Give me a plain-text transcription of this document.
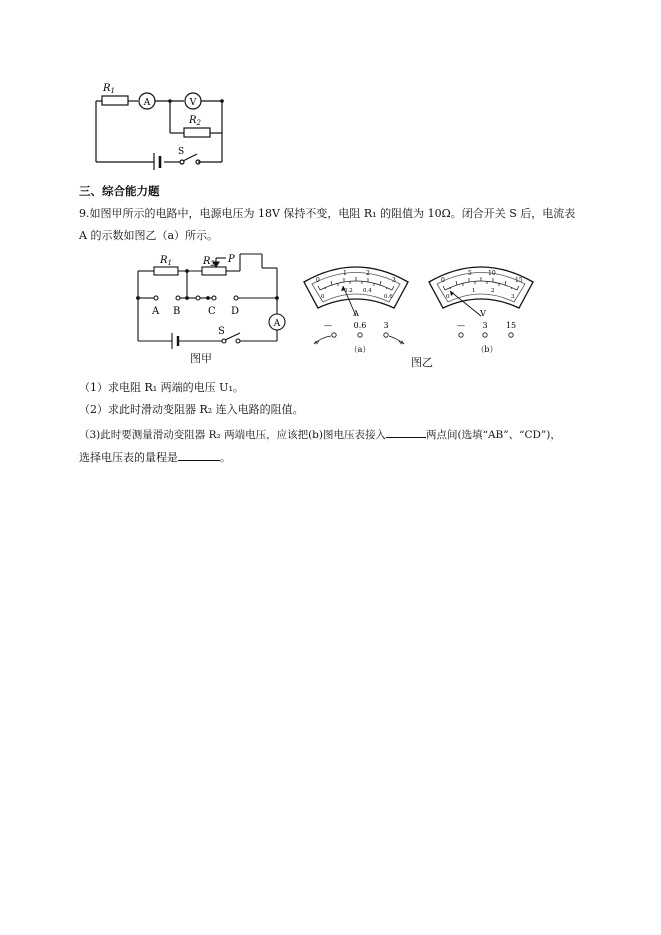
$R_1$
A	V
$R_2$
S
三、综合能力题
9.如图甲所示的电路中，电源电压为 18V 保持不变，电阻 R₁ 的阻值为 10Ω。闭合开关 S 后，电流表
A 的示数如图乙（a）所示。
$R_1$	$R_2$ P
A B	C D
S
A
图甲
0
1	2
3
0
0.2 0.4
0.6
A
—	0.6 3
（a）
0
5	10
15
0
1	2
3
V
— 3 15
（b）
图乙
（1）求电阻 R₁ 两端的电压 U₁。
（2）求此时滑动变阻器 R₂ 连入电路的阻值。
（3)此时要测量滑动变阻器 R₂ 两端电压，应该把(b)图电压表接入	两点间(选填“AB”、“CD”)，
选择电压表的量程是	。
